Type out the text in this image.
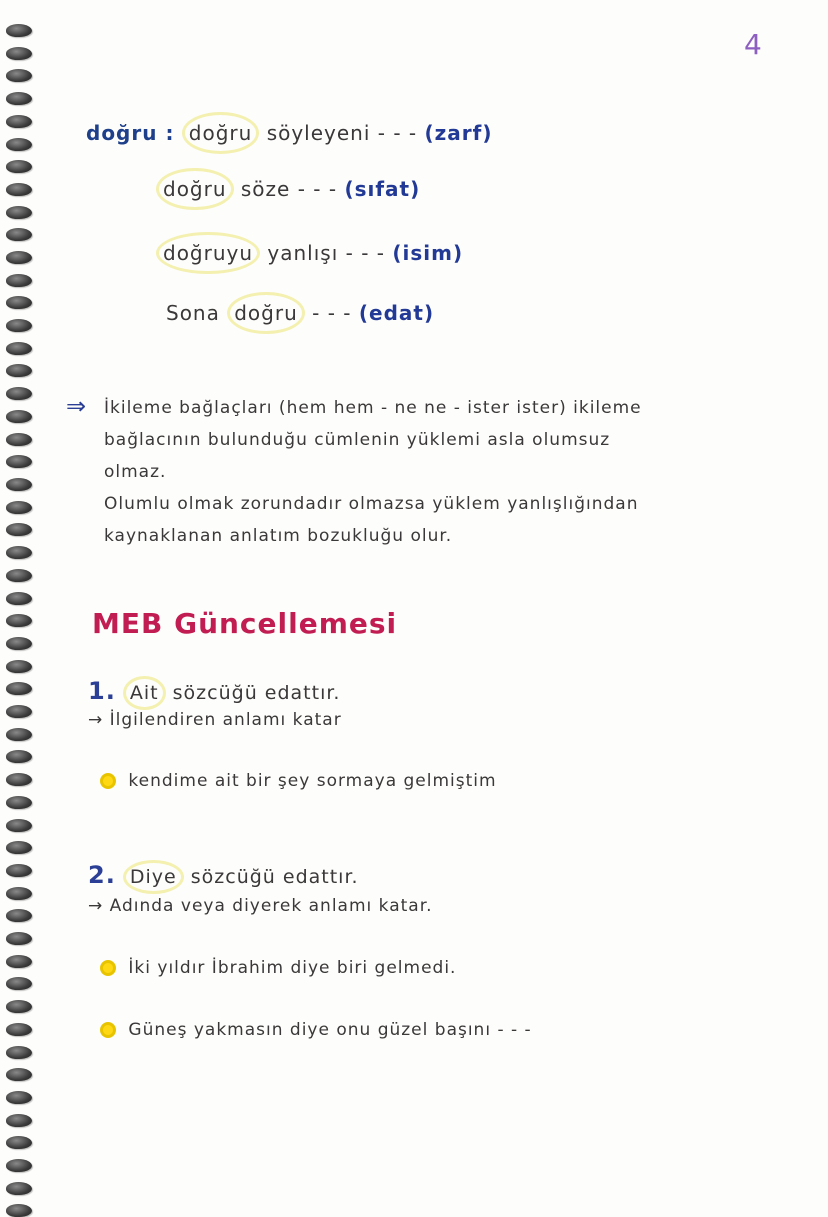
4
doğru : doğru söyleyeni - - - (zarf)
doğru söze - - - (sıfat)
doğruyu yanlışı - - - (isim)
Sona doğru - - - (edat)
⇒ İkileme bağlaçları (hem hem - ne ne - ister ister) ikileme
bağlacının bulunduğu cümlenin yüklemi asla olumsuz
olmaz.
Olumlu olmak zorundadır olmazsa yüklem yanlışlığından
kaynaklanan anlatım bozukluğu olur.
MEB Güncellemesi
1. Ait sözcüğü edattır.
→ İlgilendiren anlamı katar
kendime ait bir şey sormaya gelmiştim
2. Diye sözcüğü edattır.
→ Adında veya diyerek anlamı katar.
İki yıldır İbrahim diye biri gelmedi.
Güneş yakmasın diye onu güzel başını - - -
